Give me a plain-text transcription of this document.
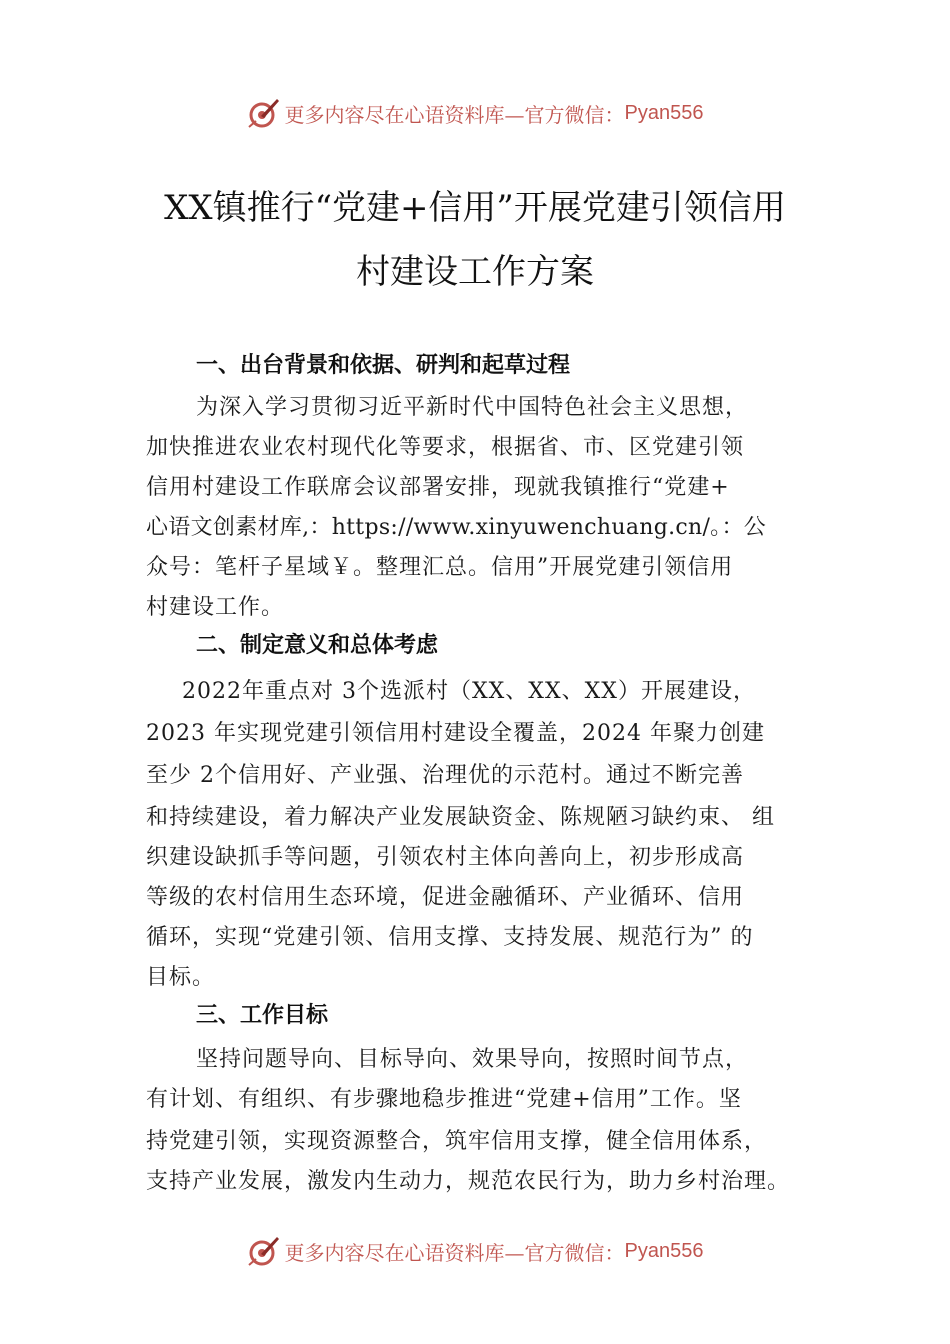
更多内容尽在心语资料库—官方微信： Pyan556
XX镇推行“党建+信用”开展党建引领信用
村建设工作方案
一、出台背景和依据、研判和起草过程
为深入学习贯彻习近平新时代中国特色社会主义思想，
加快推进农业农村现代化等要求，根据省、市、区党建引领
信用村建设工作联席会议部署安排，现就我镇推行“党建+
心语文创素材库,：https://www.xinyuwenchuang.cn/。：公
众号：笔杆子星域￥。整理汇总。信用”开展党建引领信用
村建设工作。
二、制定意义和总体考虑
2022年重点对 3个选派村（XX、XX、XX）开展建设，
2023 年实现党建引领信用村建设全覆盖，2024 年聚力创建
至少 2个信用好、产业强、治理优的示范村。通过不断完善
和持续建设，着力解决产业发展缺资金、陈规陋习缺约束、 组
织建设缺抓手等问题，引领农村主体向善向上，初步形成高
等级的农村信用生态环境，促进金融循环、产业循环、信用
循环，实现“党建引领、信用支撑、支持发展、规范行为” 的
目标。
三、工作目标
坚持问题导向、目标导向、效果导向，按照时间节点，
有计划、有组织、有步骤地稳步推进“党建+信用”工作。坚
持党建引领，实现资源整合，筑牢信用支撑，健全信用体系，
支持产业发展，激发内生动力，规范农民行为，助力乡村治理。
更多内容尽在心语资料库—官方微信： Pyan556
